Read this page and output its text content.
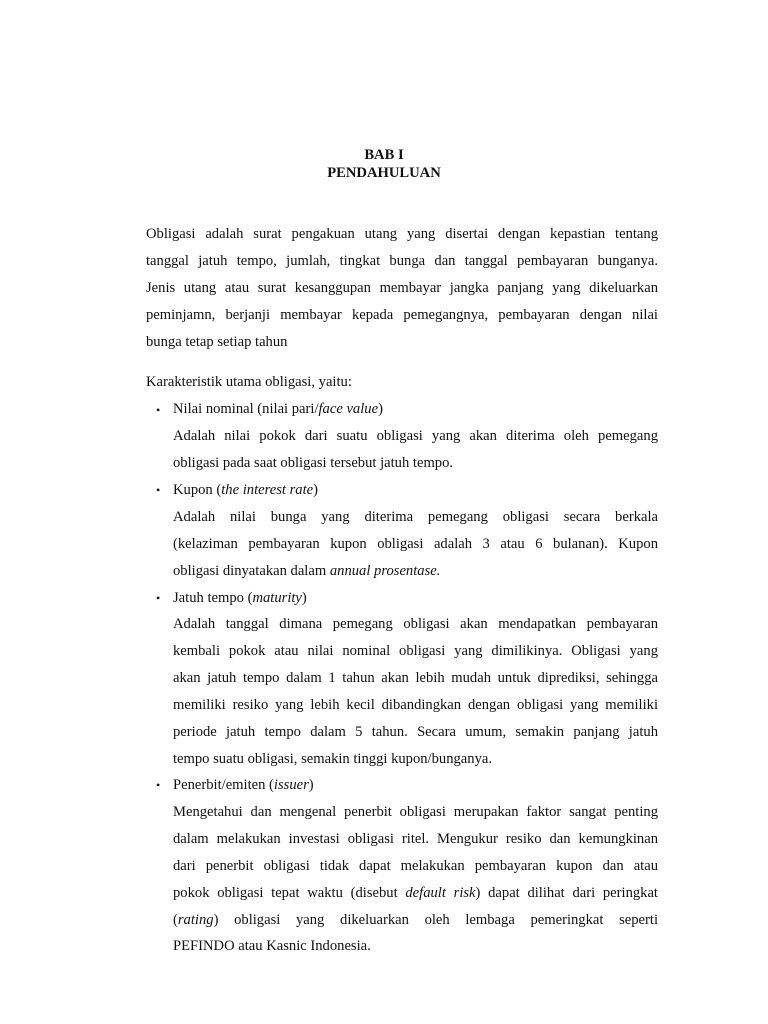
BAB I
PENDAHULUAN
Obligasi adalah surat pengakuan utang yang disertai dengan kepastian tentang
tanggal jatuh tempo, jumlah, tingkat bunga dan tanggal pembayaran bunganya.
Jenis utang atau surat kesanggupan membayar jangka panjang yang dikeluarkan
peminjamn, berjanji membayar kepada pemegangnya, pembayaran dengan nilai
bunga tetap setiap tahun
Karakteristik utama obligasi, yaitu:
• Nilai nominal (nilai pari/face value)
Adalah nilai pokok dari suatu obligasi yang akan diterima oleh pemegang
obligasi pada saat obligasi tersebut jatuh tempo.
• Kupon (the interest rate)
Adalah nilai bunga yang diterima pemegang obligasi secara berkala
(kelaziman pembayaran kupon obligasi adalah 3 atau 6 bulanan). Kupon
obligasi dinyatakan dalam annual prosentase.
• Jatuh tempo (maturity)
Adalah tanggal dimana pemegang obligasi akan mendapatkan pembayaran
kembali pokok atau nilai nominal obligasi yang dimilikinya. Obligasi yang
akan jatuh tempo dalam 1 tahun akan lebih mudah untuk diprediksi, sehingga
memiliki resiko yang lebih kecil dibandingkan dengan obligasi yang memiliki
periode jatuh tempo dalam 5 tahun. Secara umum, semakin panjang jatuh
tempo suatu obligasi, semakin tinggi kupon/bunganya.
• Penerbit/emiten (issuer)
Mengetahui dan mengenal penerbit obligasi merupakan faktor sangat penting
dalam melakukan investasi obligasi ritel. Mengukur resiko dan kemungkinan
dari penerbit obligasi tidak dapat melakukan pembayaran kupon dan atau
pokok obligasi tepat waktu (disebut default risk) dapat dilihat dari peringkat
(rating) obligasi yang dikeluarkan oleh lembaga pemeringkat seperti
PEFINDO atau Kasnic Indonesia.
